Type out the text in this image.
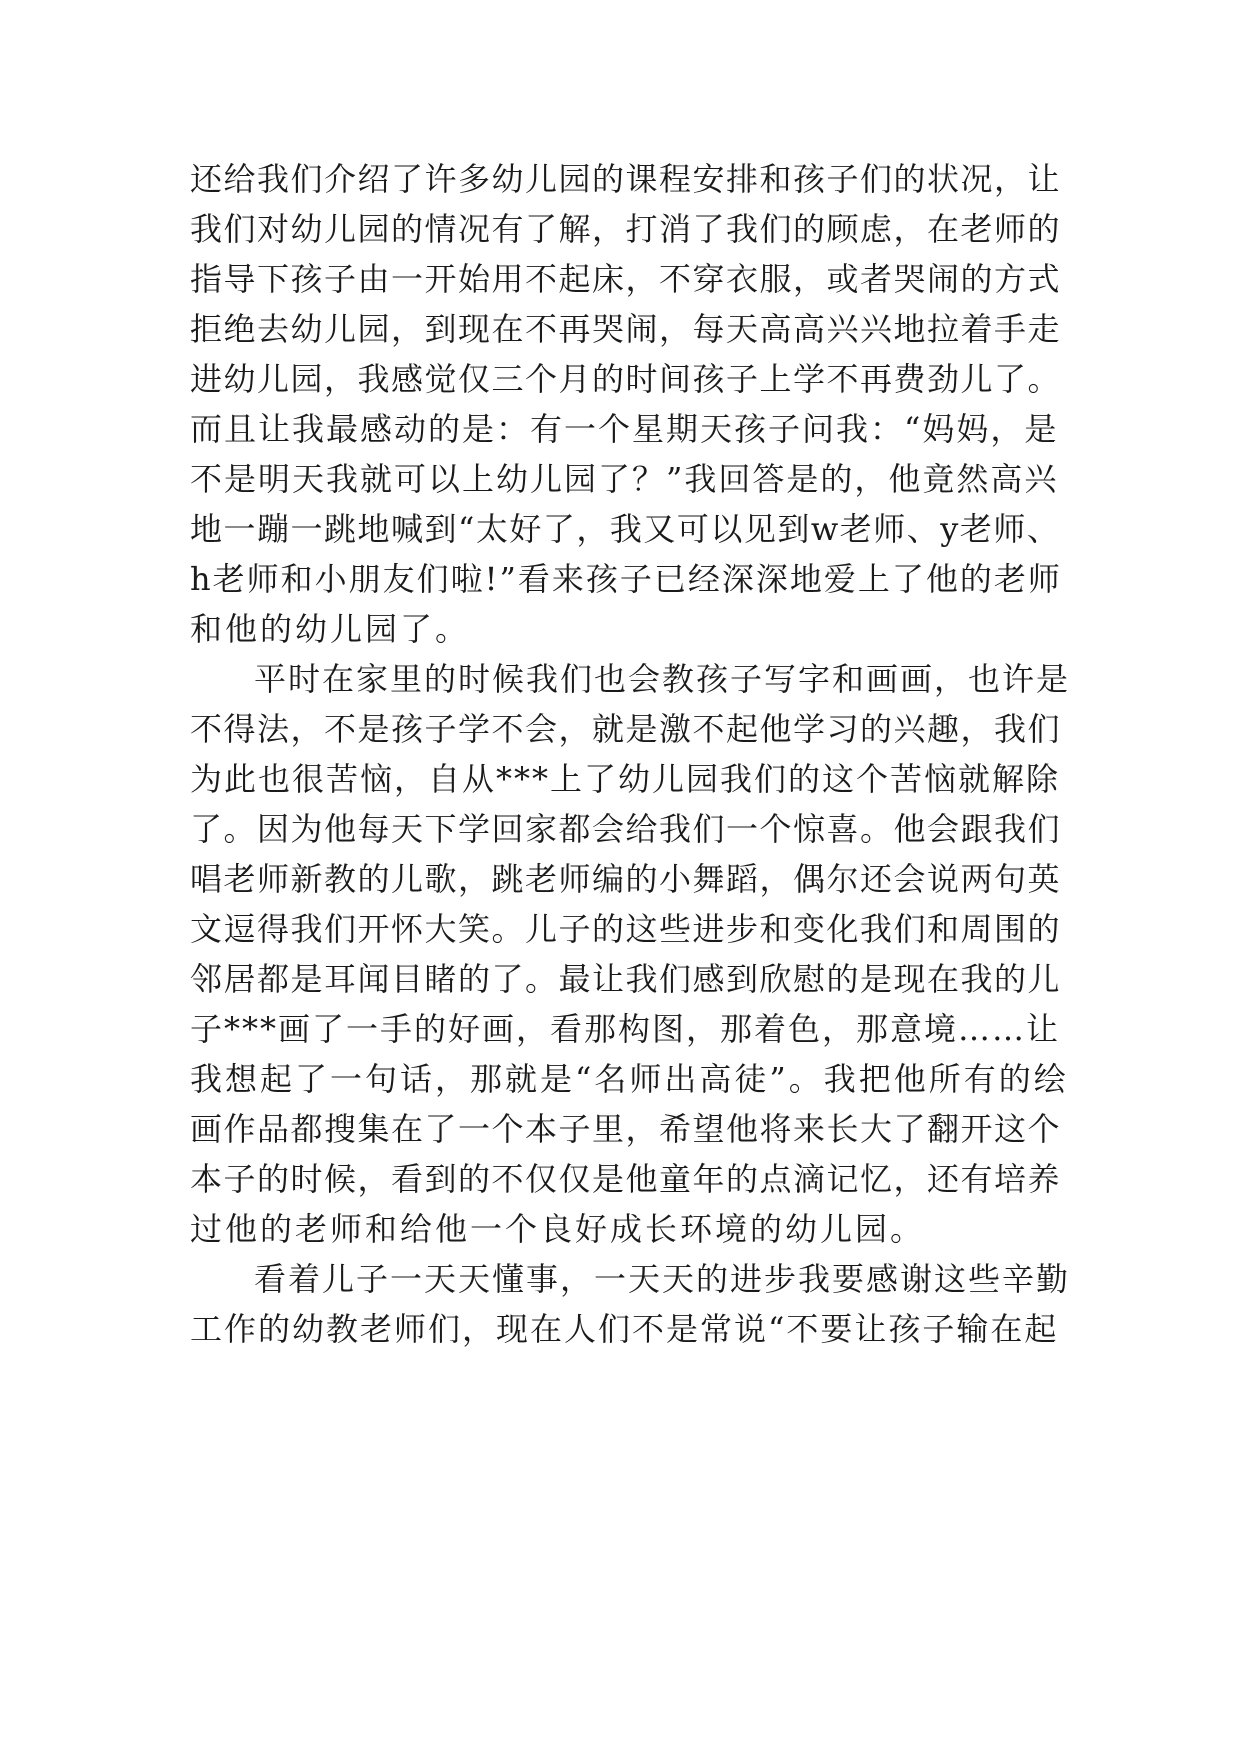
还给我们介绍了许多幼儿园的课程安排和孩子们的状况，让
我们对幼儿园的情况有了解，打消了我们的顾虑，在老师的
指导下孩子由一开始用不起床，不穿衣服，或者哭闹的方式
拒绝去幼儿园，到现在不再哭闹，每天高高兴兴地拉着手走
进幼儿园，我感觉仅三个月的时间孩子上学不再费劲儿了。
而且让我最感动的是：有一个星期天孩子问我：“妈妈，是
不是明天我就可以上幼儿园了？”我回答是的，他竟然高兴
地一蹦一跳地喊到“太好了，我又可以见到w老师、y老师、
h老师和小朋友们啦!”看来孩子已经深深地爱上了他的老师
和他的幼儿园了。
平时在家里的时候我们也会教孩子写字和画画，也许是
不得法，不是孩子学不会，就是激不起他学习的兴趣，我们
为此也很苦恼，自从***上了幼儿园我们的这个苦恼就解除
了。因为他每天下学回家都会给我们一个惊喜。他会跟我们
唱老师新教的儿歌，跳老师编的小舞蹈，偶尔还会说两句英
文逗得我们开怀大笑。儿子的这些进步和变化我们和周围的
邻居都是耳闻目睹的了。最让我们感到欣慰的是现在我的儿
子***画了一手的好画，看那构图，那着色，那意境……让
我想起了一句话，那就是“名师出高徒”。我把他所有的绘
画作品都搜集在了一个本子里，希望他将来长大了翻开这个
本子的时候，看到的不仅仅是他童年的点滴记忆，还有培养
过他的老师和给他一个良好成长环境的幼儿园。
看着儿子一天天懂事，一天天的进步我要感谢这些辛勤
工作的幼教老师们，现在人们不是常说“不要让孩子输在起
